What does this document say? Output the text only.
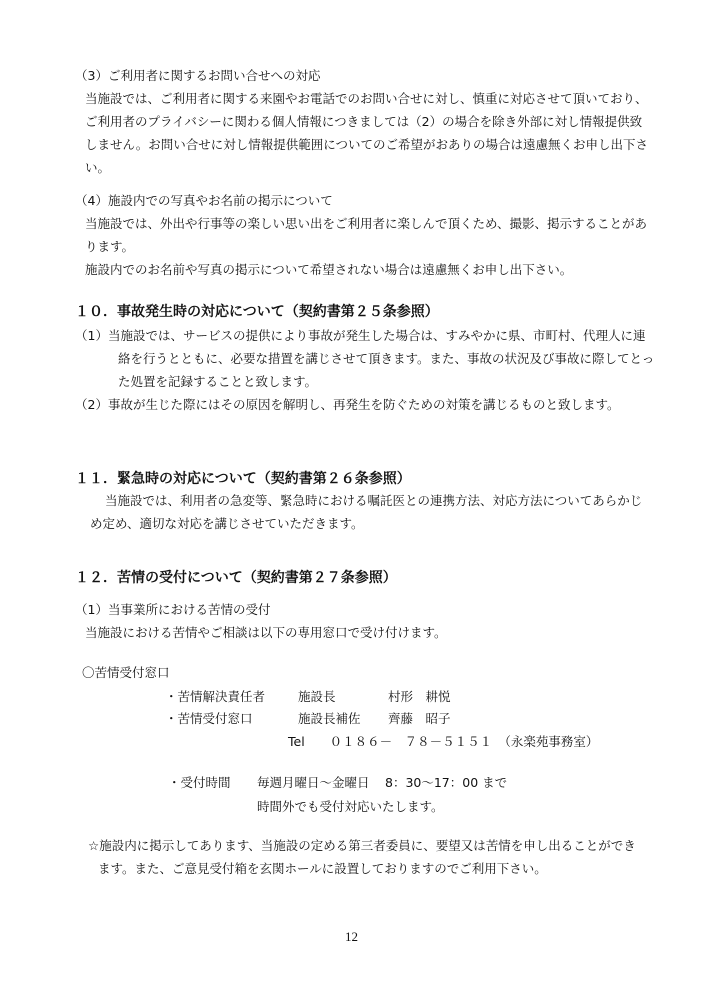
（3）ご利用者に関するお問い合せへの対応
当施設では、ご利用者に関する来園やお電話でのお問い合せに対し、慎重に対応させて頂いており、
ご利用者のプライバシーに関わる個人情報につきましては（2）の場合を除き外部に対し情報提供致
しません。お問い合せに対し情報提供範囲についてのご希望がおありの場合は遠慮無くお申し出下さ
い。
（4）施設内での写真やお名前の掲示について
当施設では、外出や行事等の楽しい思い出をご利用者に楽しんで頂くため、撮影、掲示することがあ
ります。
施設内でのお名前や写真の掲示について希望されない場合は遠慮無くお申し出下さい。
１０．事故発生時の対応について（契約書第２５条参照）
（1）当施設では、サービスの提供により事故が発生した場合は、すみやかに県、市町村、代理人に連
絡を行うとともに、必要な措置を講じさせて頂きます。また、事故の状況及び事故に際してとっ
た処置を記録することと致します。
（2）事故が生じた際にはその原因を解明し、再発生を防ぐための対策を講じるものと致します。
１１．緊急時の対応について（契約書第２６条参照）
当施設では、利用者の急変等、緊急時における嘱託医との連携方法、対応方法についてあらかじ
め定め、適切な対応を講じさせていただきます。
１２．苦情の受付について（契約書第２７条参照）
（1）当事業所における苦情の受付
当施設における苦情やご相談は以下の専用窓口で受け付けます。
〇苦情受付窓口
・苦情解決責任者	施設長	村形　耕悦
・苦情受付窓口	施設長補佐 齊藤　昭子
Tel　　０１８６－　７８－５１５１　（永楽苑事務室）
・受付時間 毎週月曜日～金曜日 8：30～17：00 まで
時間外でも受付対応いたします。
☆施設内に掲示してあります、当施設の定める第三者委員に、要望又は苦情を申し出ることができ
ます。また、ご意見受付箱を玄関ホールに設置しておりますのでご利用下さい。
12
